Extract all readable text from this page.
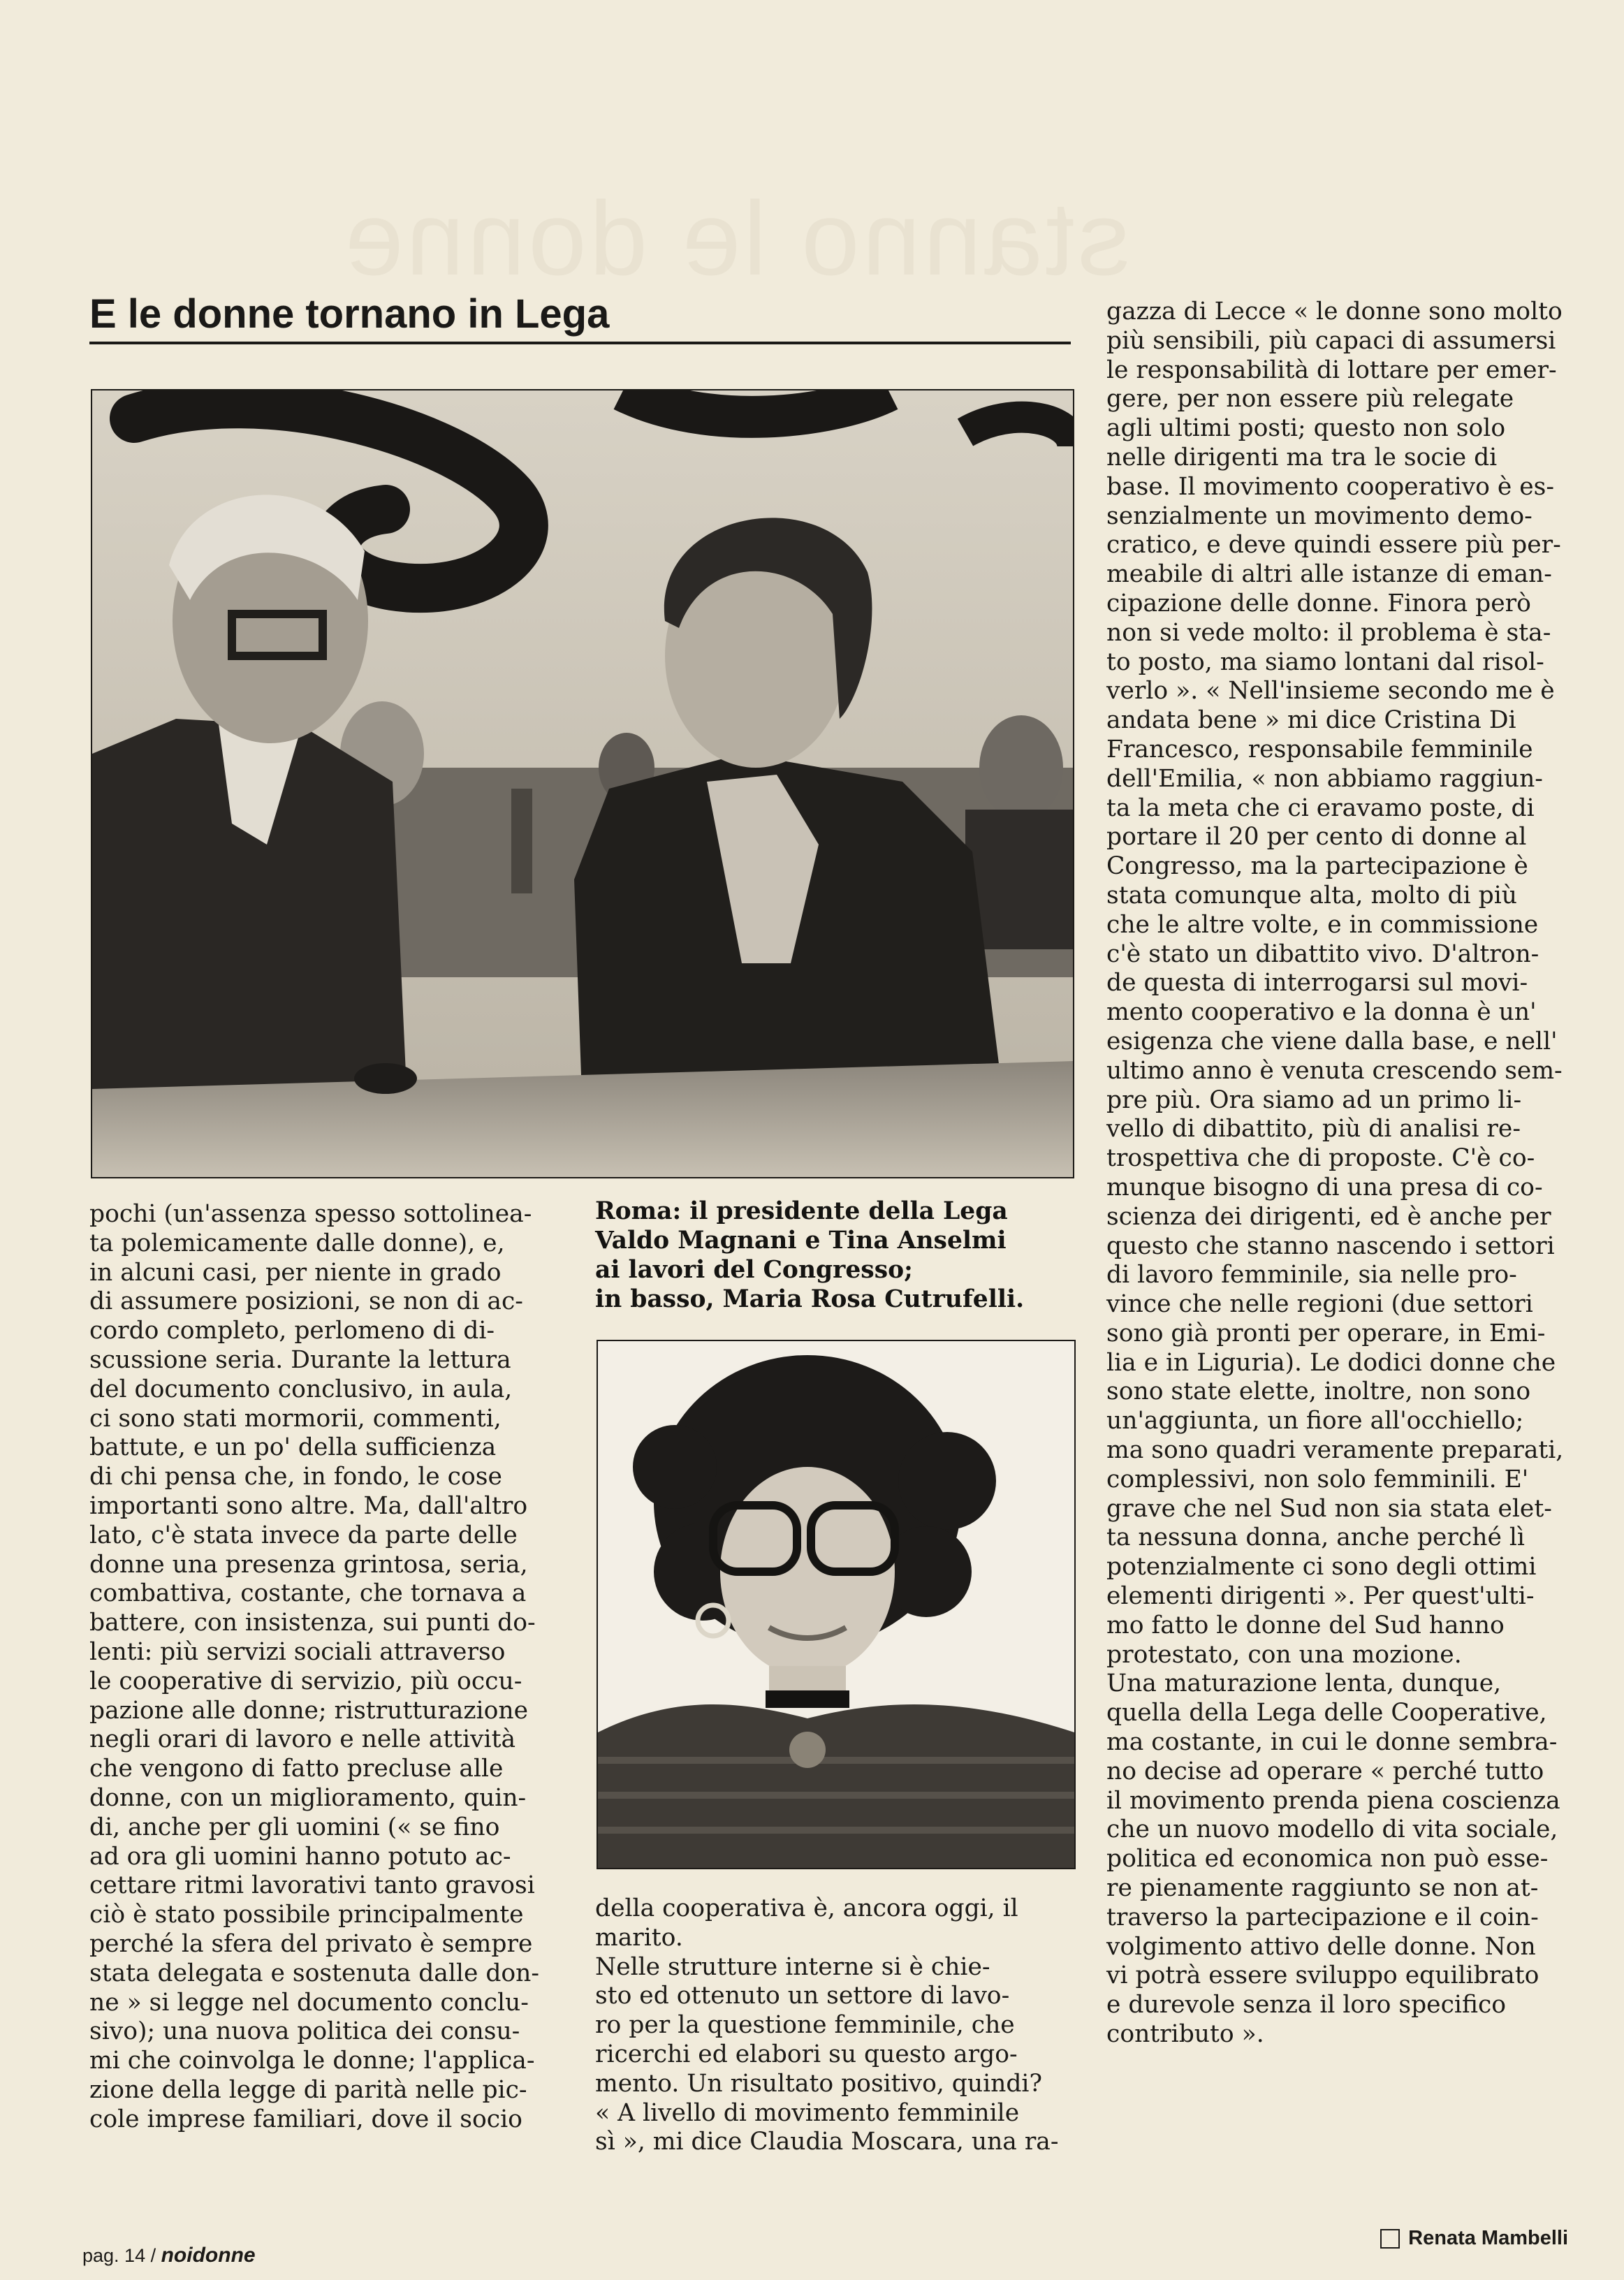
stanno le donne
E le donne tornano in Lega

Roma: il presidente della Lega
Valdo Magnani e Tina Anselmi
ai lavori del Congresso;
in basso, Maria Rosa Cutrufelli.

pochi (un'assenza spesso sottolinea-
ta polemicamente dalle donne), e,
in alcuni casi, per niente in grado
di assumere posizioni, se non di ac-
cordo completo, perlomeno di di-
scussione seria. Durante la lettura
del documento conclusivo, in aula,
ci sono stati mormorii, commenti,
battute, e un po' della sufficienza
di chi pensa che, in fondo, le cose
importanti sono altre. Ma, dall'altro
lato, c'è stata invece da parte delle
donne una presenza grintosa, seria,
combattiva, costante, che tornava a
battere, con insistenza, sui punti do-
lenti: più servizi sociali attraverso
le cooperative di servizio, più occu-
pazione alle donne; ristrutturazione
negli orari di lavoro e nelle attività
che vengono di fatto precluse alle
donne, con un miglioramento, quin-
di, anche per gli uomini (« se fino
ad ora gli uomini hanno potuto ac-
cettare ritmi lavorativi tanto gravosi
ciò è stato possibile principalmente
perché la sfera del privato è sempre
stata delegata e sostenuta dalle don-
ne » si legge nel documento conclu-
sivo); una nuova politica dei consu-
mi che coinvolga le donne; l'applica-
zione della legge di parità nelle pic-
cole imprese familiari, dove il socio

della cooperativa è, ancora oggi, il
marito.
Nelle strutture interne si è chie-
sto ed ottenuto un settore di lavo-
ro per la questione femminile, che
ricerchi ed elabori su questo argo-
mento. Un risultato positivo, quindi?
« A livello di movimento femminile
sì », mi dice Claudia Moscara, una ra-

gazza di Lecce « le donne sono molto
più sensibili, più capaci di assumersi
le responsabilità di lottare per emer-
gere, per non essere più relegate
agli ultimi posti; questo non solo
nelle dirigenti ma tra le socie di
base. Il movimento cooperativo è es-
senzialmente un movimento demo-
cratico, e deve quindi essere più per-
meabile di altri alle istanze di eman-
cipazione delle donne. Finora però
non si vede molto: il problema è sta-
to posto, ma siamo lontani dal risol-
verlo ». « Nell'insieme secondo me è
andata bene » mi dice Cristina Di
Francesco, responsabile femminile
dell'Emilia, « non abbiamo raggiun-
ta la meta che ci eravamo poste, di
portare il 20 per cento di donne al
Congresso, ma la partecipazione è
stata comunque alta, molto di più
che le altre volte, e in commissione
c'è stato un dibattito vivo. D'altron-
de questa di interrogarsi sul movi-
mento cooperativo e la donna è un'
esigenza che viene dalla base, e nell'
ultimo anno è venuta crescendo sem-
pre più. Ora siamo ad un primo li-
vello di dibattito, più di analisi re-
trospettiva che di proposte. C'è co-
munque bisogno di una presa di co-
scienza dei dirigenti, ed è anche per
questo che stanno nascendo i settori
di lavoro femminile, sia nelle pro-
vince che nelle regioni (due settori
sono già pronti per operare, in Emi-
lia e in Liguria). Le dodici donne che
sono state elette, inoltre, non sono
un'aggiunta, un fiore all'occhiello;
ma sono quadri veramente preparati,
complessivi, non solo femminili. E'
grave che nel Sud non sia stata elet-
ta nessuna donna, anche perché lì
potenzialmente ci sono degli ottimi
elementi dirigenti ». Per quest'ulti-
mo fatto le donne del Sud hanno
protestato, con una mozione.
Una maturazione lenta, dunque,
quella della Lega delle Cooperative,
ma costante, in cui le donne sembra-
no decise ad operare « perché tutto
il movimento prenda piena coscienza
che un nuovo modello di vita sociale,
politica ed economica non può esse-
re pienamente raggiunto se non at-
traverso la partecipazione e il coin-
volgimento attivo delle donne. Non
vi potrà essere sviluppo equilibrato
e durevole senza il loro specifico
contributo ».

Renata Mambelli

pag. 14 / noidonne
